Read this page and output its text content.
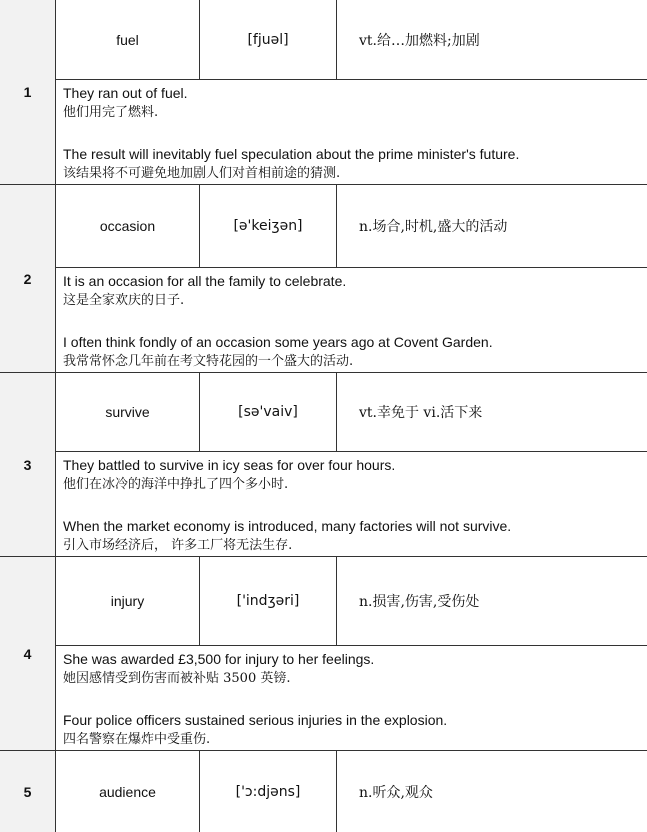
1
fuel	[fjuəl]	vt.给…加燃料;加剧
They ran out of fuel.
他们用完了燃料.
The result will inevitably fuel speculation about the prime minister's future.
该结果将不可避免地加剧人们对首相前途的猜测.
2
occasion	[ə'keiʒən]	n.场合,时机,盛大的活动
It is an occasion for all the family to celebrate.
这是全家欢庆的日子.
I often think fondly of an occasion some years ago at Covent Garden.
我常常怀念几年前在考文特花园的一个盛大的活动.
3
survive	[sə'vaiv]	vt.幸免于 vi.活下来
They battled to survive in icy seas for over four hours.
他们在冰冷的海洋中挣扎了四个多小时.
When the market economy is introduced, many factories will not survive.
引入市场经济后， 许多工厂将无法生存.
4
injury	['indʒəri]	n.损害,伤害,受伤处
She was awarded £3,500 for injury to her feelings.
她因感情受到伤害而被补贴 3500 英镑.
Four police officers sustained serious injuries in the explosion.
四名警察在爆炸中受重伤.
5	audience	['ɔ:djəns]	n.听众,观众
